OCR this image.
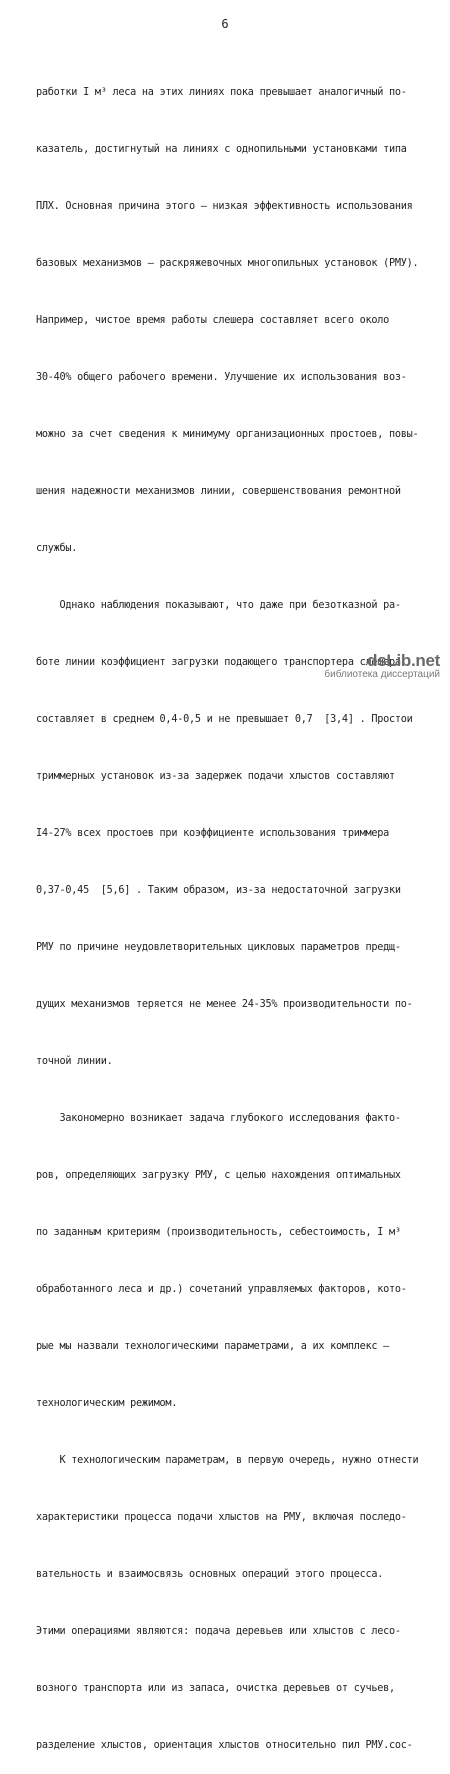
6

работки I м³ леса на этих линиях пока превышает аналогичный по-

казатель, достигнутый на линиях с однопильными установками типа

ПЛХ. Основная причина этого – низкая эффективность использования

базовых механизмов – раскряжевочных многопильных установок (РМУ).

Например, чистое время работы слешера составляет всего около

30-40% общего рабочего времени. Улучшение их использования воз-

можно за счет сведения к минимуму организационных простоев, повы-

шения надежности механизмов линии, совершенствования ремонтной

службы.

Однако наблюдения показывают, что даже при безотказной ра-

боте линии коэффициент загрузки подающего транспортера слешера

составляет в среднем 0,4-0,5 и не превышает 0,7  [3,4] . Простои

триммерных установок из-за задержек подачи хлыстов составляют

I4-27% всех простоев при коэффициенте использования триммера

0,37-0,45  [5,6] . Таким образом, из-за недостаточной загрузки

РМУ по причине неудовлетворительных цикловых параметров предщ-

дущих механизмов теряется не менее 24-35% производительности по-

точной линии.

Закономерно возникает задача глубокого исследования факто-

ров, определяющих загрузку РМУ, с целью нахождения оптимальных

по заданным критериям (производительность, себестоимость, I м³

обработанного леса и др.) сочетаний управляемых факторов, кото-

рые мы назвали технологическими параметрами, а их комплекс –

технологическим режимом.

К технологическим параметрам, в первую очередь, нужно отнести

характеристики процесса подачи хлыстов на РМУ, включая последо-

вательность и взаимосвязь основных операций этого процесса.

Этими операциями являются: подача деревьев или хлыстов с лесо-

возного транспорта или из запаса, очистка деревьев от сучьев,

разделение хлыстов, ориентация хлыстов относительно пил РМУ.сос-

dsLib.net
библиотека диссертаций
